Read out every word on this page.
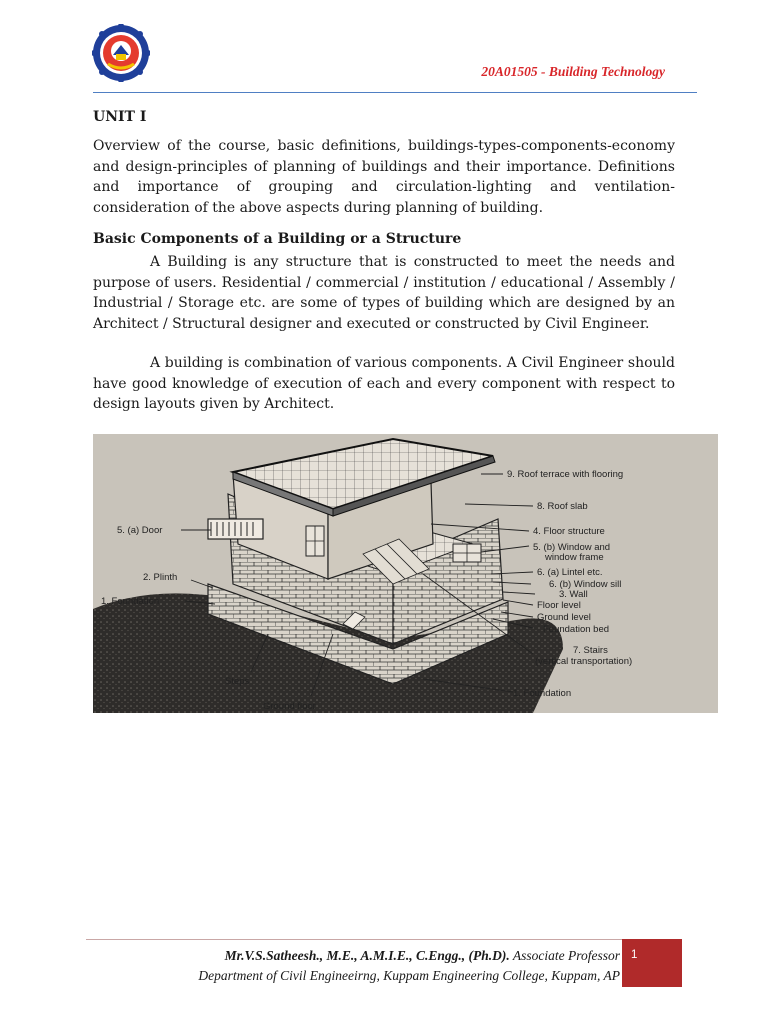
20A01505 - Building Technology
UNIT I
Overview of the course, basic definitions, buildings-types-components-economy and design-principles of planning of buildings and their importance. Definitions and importance of grouping and circulation-lighting and ventilation-consideration of the above aspects during planning of building.
Basic Components of a Building or a Structure
A Building is any structure that is constructed to meet the needs and purpose of users. Residential / commercial / institution / educational / Assembly / Industrial / Storage etc. are some of types of building which are designed by an Architect / Structural designer and executed or constructed by Civil Engineer.
A building is combination of various components. A Civil Engineer should have good knowledge of execution of each and every component with respect to design layouts given by Architect.
9. Roof terrace with flooring
8. Roof slab
4. Floor structure
5. (b) Window and
window frame
6. (a) Lintel etc.
6. (b) Window sill
3. Wall
Floor level
Ground level
Foundation bed
7. Stairs
(vertical transportation)
1. Foundation
5. (a) Door
2. Plinth
1. Foundation
Steps
Ground floor
Mr.V.S.Satheesh., M.E., A.M.I.E., C.Engg., (Ph.D). Associate Professor
Department of Civil Engineeirng, Kuppam Engineering College, Kuppam, AP
1
